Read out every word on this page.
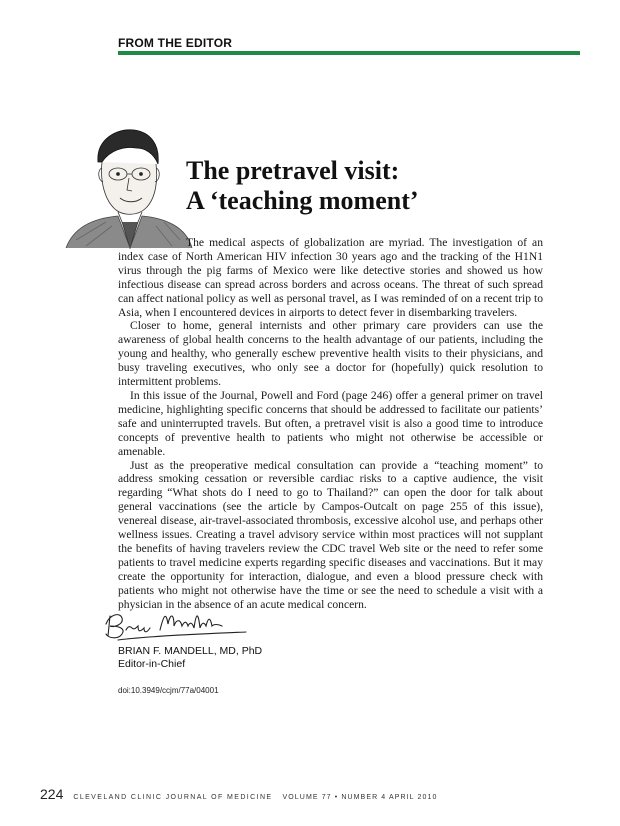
FROM THE EDITOR
The pretravel visit:
A ‘teaching moment’

The medical aspects of globalization are myriad. The investigation of an index case of North American HIV infection 30 years ago and the tracking of the H1N1 virus through the pig farms of Mexico were like detective stories and showed us how infectious disease can spread across borders and across oceans. The threat of such spread can affect national policy as well as personal travel, as I was reminded of on a recent trip to Asia, when I encountered devices in airports to detect fever in disembarking travelers.

Closer to home, general internists and other primary care providers can use the awareness of global health concerns to the health advantage of our patients, including the young and healthy, who generally eschew preventive health visits to their physicians, and busy traveling executives, who only see a doctor for (hopefully) quick resolution to intermittent problems.

In this issue of the Journal, Powell and Ford (page 246) offer a general primer on travel medicine, highlighting specific concerns that should be addressed to facilitate our patients’ safe and uninterrupted travels. But often, a pretravel visit is also a good time to introduce concepts of preventive health to patients who might not otherwise be accessible or amenable.

Just as the preoperative medical consultation can provide a “teaching moment” to address smoking cessation or reversible cardiac risks to a captive audience, the visit regarding “What shots do I need to go to Thailand?” can open the door for talk about general vaccinations (see the article by Campos-Outcalt on page 255 of this issue), venereal disease, air-travel-associated thrombosis, excessive alcohol use, and perhaps other wellness issues. Creating a travel advisory service within most practices will not supplant the benefits of having travelers review the CDC travel Web site or the need to refer some patients to travel medicine experts regarding specific diseases and vaccinations. But it may create the opportunity for interaction, dialogue, and even a blood pressure check with patients who might not otherwise have the time or see the need to schedule a visit with a physician in the absence of an acute medical concern.

BRIAN F. MANDELL, MD, PhD
Editor-in-Chief
doi:10.3949/ccjm/77a/04001
224 CLEVELAND CLINIC JOURNAL OF MEDICINE VOLUME 77 • NUMBER 4 APRIL 2010
